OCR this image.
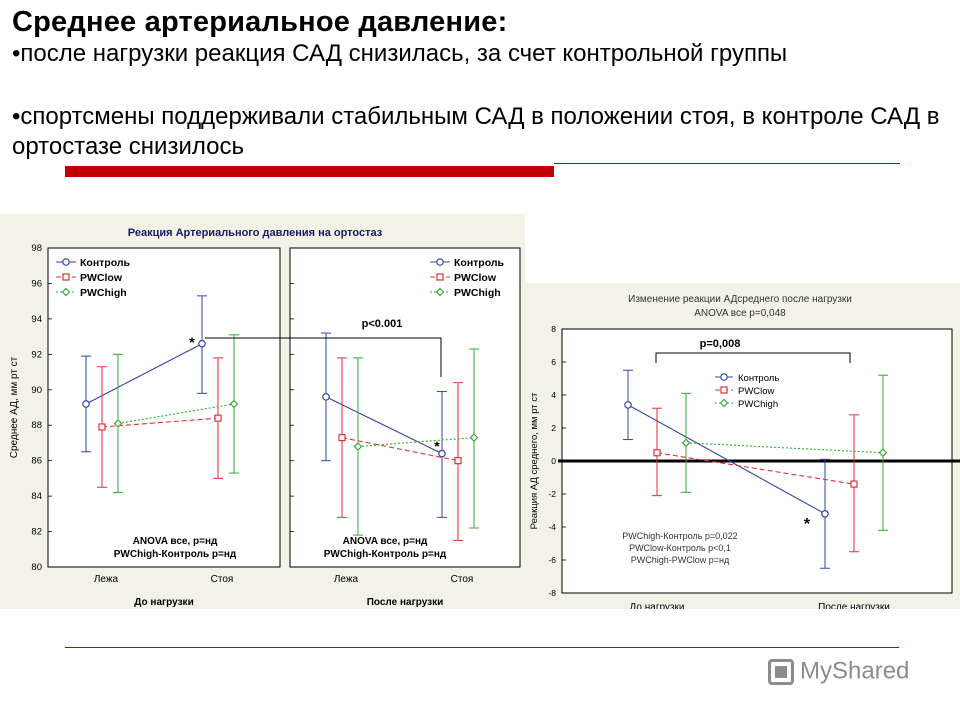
Среднее артериальное давление:
•после нагрузки реакция САД снизилась, за счет контрольной группы
•спортсмены поддерживали стабильным САД в положении стоя, в контроле САД в ортостазе снизилось
Реакция Артериального давления на ортостаз
Среднее АД, мм рт ст
80
82
84
86
88
90
92
94
96
98
Лежа	Стоя
До нагрузки
Контроль
PWClow
PWChigh
ANOVA все, p=нд
PWChigh-Контроль p=нд
Лежа	Стоя
После нагрузки
Контроль
PWClow
PWChigh
ANOVA все, p=нд
PWChigh-Контроль p=нд
*
*
p<0.001
Изменение реакции АДсреднего после нагрузки
ANOVA все p=0,048
Реакция АД среднего, мм рт ст
-8
-6
-4
-2
0
2
4
6
8
До нагрузки	После нагрузки
Контроль
PWClow
PWChigh
p=0,008
*
PWChigh-Контроль p=0,022
PWClow-Контроль p<0,1
PWChigh-PWClow p=нд
MyShared
